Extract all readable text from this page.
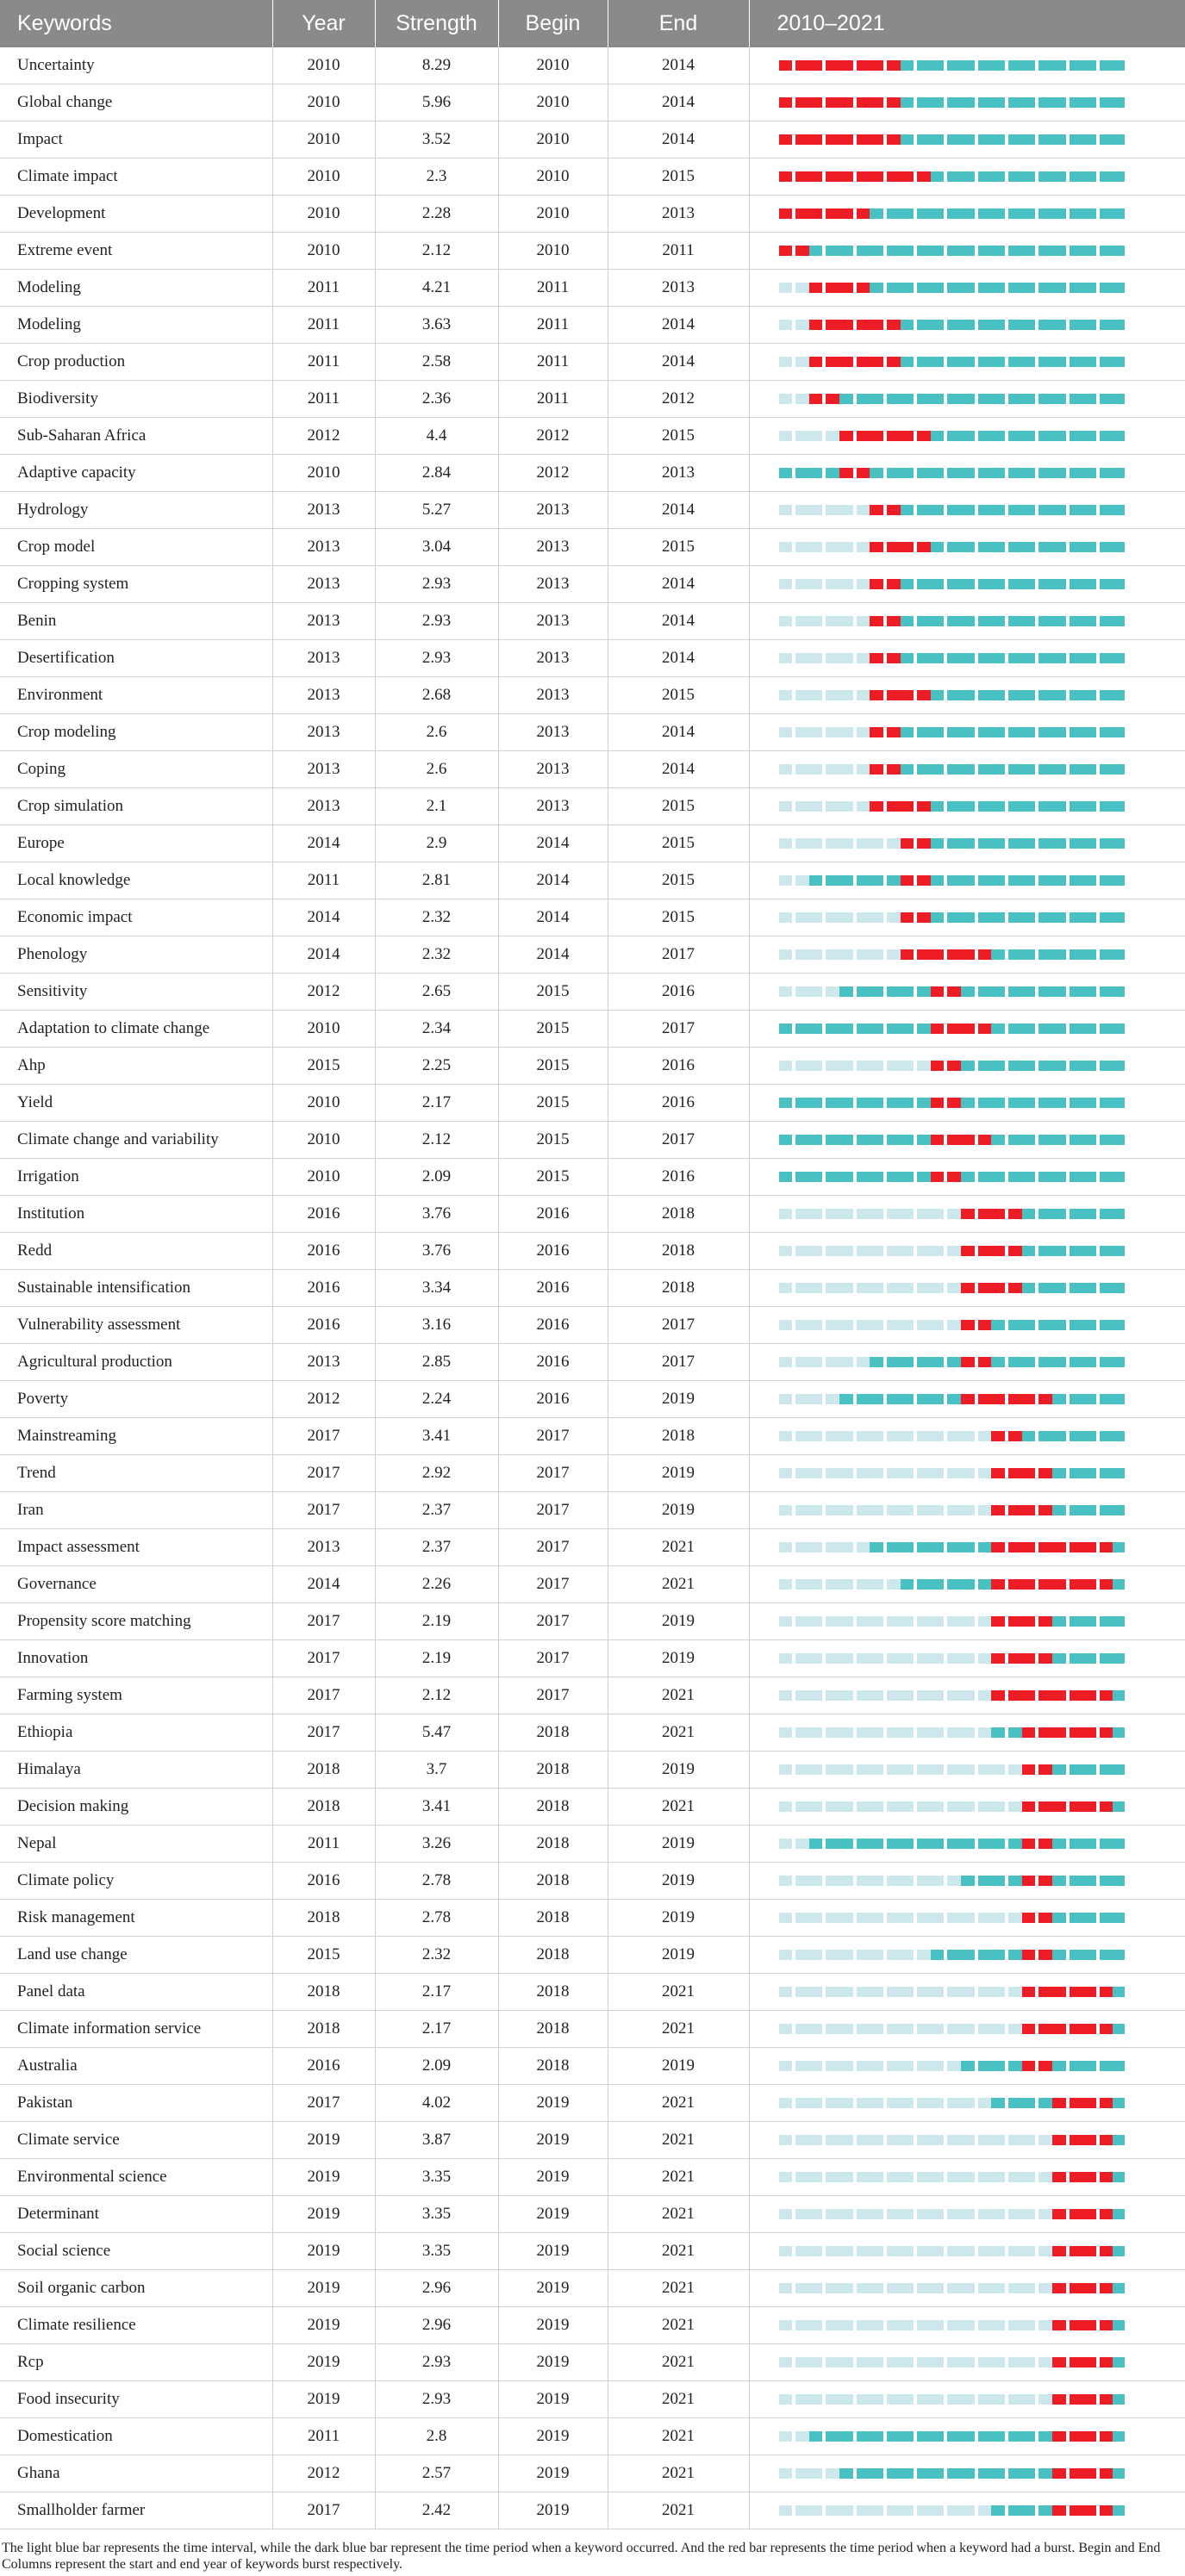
Keywords	Year	Strength	Begin	End	2010–2021
Uncertainty	2010	8.29	2010	2014	

Global change	2010	5.96	2010	2014	

Impact	2010	3.52	2010	2014	

Climate impact	2010	2.3	2010	2015	

Development	2010	2.28	2010	2013	

Extreme event	2010	2.12	2010	2011	

Modeling	2011	4.21	2011	2013	

Modeling	2011	3.63	2011	2014	

Crop production	2011	2.58	2011	2014	

Biodiversity	2011	2.36	2011	2012	

Sub-Saharan Africa	2012	4.4	2012	2015	

Adaptive capacity	2010	2.84	2012	2013	

Hydrology	2013	5.27	2013	2014	

Crop model	2013	3.04	2013	2015	

Cropping system	2013	2.93	2013	2014	

Benin	2013	2.93	2013	2014	

Desertification	2013	2.93	2013	2014	

Environment	2013	2.68	2013	2015	

Crop modeling	2013	2.6	2013	2014	

Coping	2013	2.6	2013	2014	

Crop simulation	2013	2.1	2013	2015	

Europe	2014	2.9	2014	2015	

Local knowledge	2011	2.81	2014	2015	

Economic impact	2014	2.32	2014	2015	

Phenology	2014	2.32	2014	2017	

Sensitivity	2012	2.65	2015	2016	

Adaptation to climate change	2010	2.34	2015	2017	

Ahp	2015	2.25	2015	2016	

Yield	2010	2.17	2015	2016	

Climate change and variability	2010	2.12	2015	2017	

Irrigation	2010	2.09	2015	2016	

Institution	2016	3.76	2016	2018	

Redd	2016	3.76	2016	2018	

Sustainable intensification	2016	3.34	2016	2018	

Vulnerability assessment	2016	3.16	2016	2017	

Agricultural production	2013	2.85	2016	2017	

Poverty	2012	2.24	2016	2019	

Mainstreaming	2017	3.41	2017	2018	

Trend	2017	2.92	2017	2019	

Iran	2017	2.37	2017	2019	

Impact assessment	2013	2.37	2017	2021	

Governance	2014	2.26	2017	2021	

Propensity score matching	2017	2.19	2017	2019	

Innovation	2017	2.19	2017	2019	

Farming system	2017	2.12	2017	2021	

Ethiopia	2017	5.47	2018	2021	

Himalaya	2018	3.7	2018	2019	

Decision making	2018	3.41	2018	2021	

Nepal	2011	3.26	2018	2019	

Climate policy	2016	2.78	2018	2019	

Risk management	2018	2.78	2018	2019	

Land use change	2015	2.32	2018	2019	

Panel data	2018	2.17	2018	2021	

Climate information service	2018	2.17	2018	2021	

Australia	2016	2.09	2018	2019	

Pakistan	2017	4.02	2019	2021	

Climate service	2019	3.87	2019	2021	

Environmental science	2019	3.35	2019	2021	

Determinant	2019	3.35	2019	2021	

Social science	2019	3.35	2019	2021	

Soil organic carbon	2019	2.96	2019	2021	

Climate resilience	2019	2.96	2019	2021	

Rcp	2019	2.93	2019	2021	

Food insecurity	2019	2.93	2019	2021	

Domestication	2011	2.8	2019	2021	

Ghana	2012	2.57	2019	2021	

Smallholder farmer	2017	2.42	2019	2021	
The light blue bar represents the time interval, while the dark blue bar represent the time period when a keyword occurred. And the red bar represents the time period when a keyword had a burst. Begin and End Columns represent the start and end year of keywords burst respectively.
